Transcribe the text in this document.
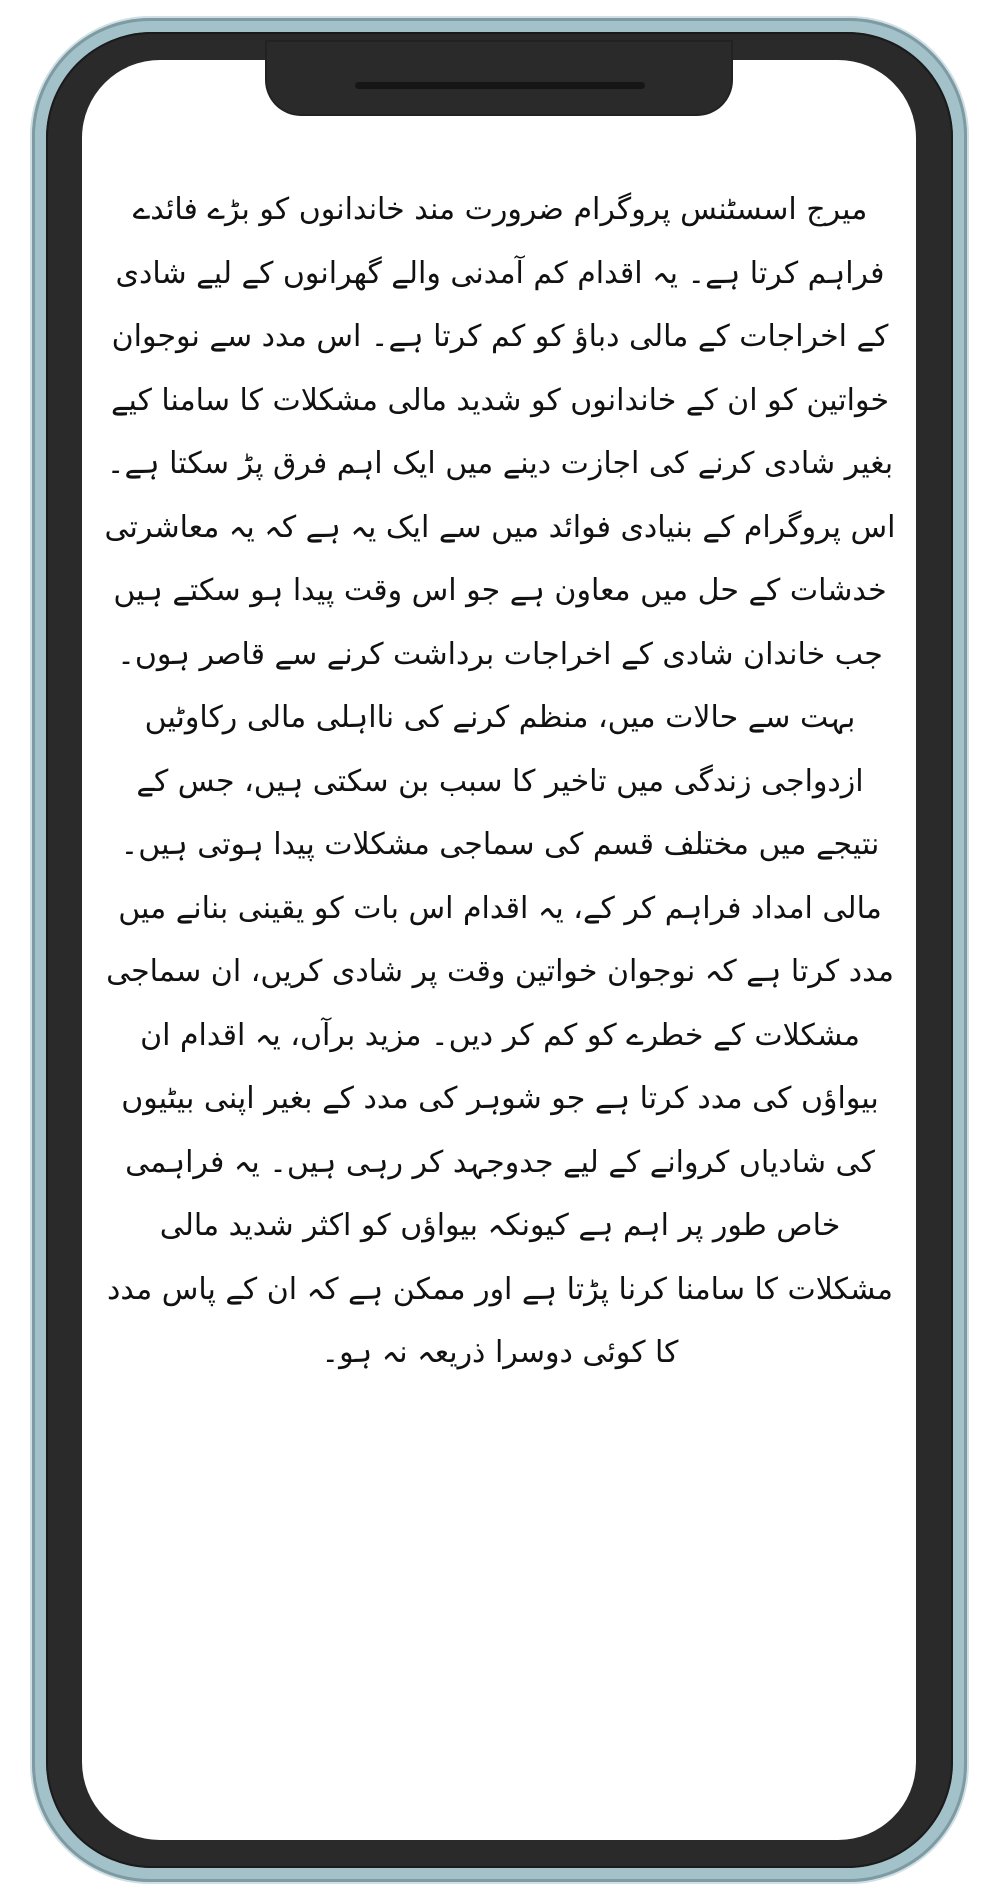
میرج اسسٹنس پروگرام ضرورت مند خاندانوں کو بڑے فائدے فراہم کرتا ہے۔ یہ اقدام کم آمدنی والے گھرانوں کے لیے شادی کے اخراجات کے مالی دباؤ کو کم کرتا ہے۔ اس مدد سے نوجوان خواتین کو ان کے خاندانوں کو شدید مالی مشکلات کا سامنا کیے بغیر شادی کرنے کی اجازت دینے میں ایک اہم فرق پڑ سکتا ہے۔

اس پروگرام کے بنیادی فوائد میں سے ایک یہ ہے کہ یہ معاشرتی خدشات کے حل میں معاون ہے جو اس وقت پیدا ہو سکتے ہیں جب خاندان شادی کے اخراجات برداشت کرنے سے قاصر ہوں۔ بہت سے حالات میں، منظم کرنے کی نااہلی مالی رکاوٹیں ازدواجی زندگی میں تاخیر کا سبب بن سکتی ہیں، جس کے نتیجے میں مختلف قسم کی سماجی مشکلات پیدا ہوتی ہیں۔ مالی امداد فراہم کر کے، یہ اقدام اس بات کو یقینی بنانے میں مدد کرتا ہے کہ نوجوان خواتین وقت پر شادی کریں، ان سماجی مشکلات کے خطرے کو کم کر دیں۔ مزید برآں، یہ اقدام ان بیواؤں کی مدد کرتا ہے جو شوہر کی مدد کے بغیر اپنی بیٹیوں کی شادیاں کروانے کے لیے جدوجہد کر رہی ہیں۔ یہ فراہمی خاص طور پر اہم ہے کیونکہ بیواؤں کو اکثر شدید مالی مشکلات کا سامنا کرنا پڑتا ہے اور ممکن ہے کہ ان کے پاس مدد کا کوئی دوسرا ذریعہ نہ ہو۔
